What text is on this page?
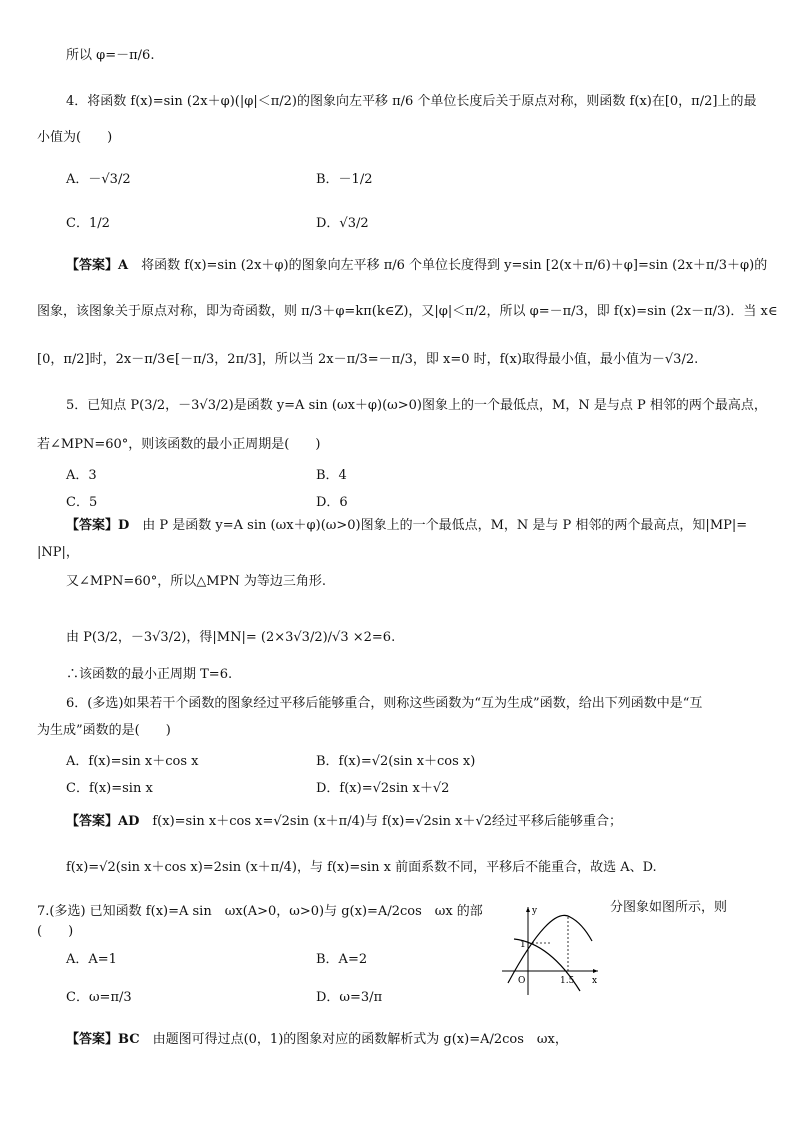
所以 φ=－π/6.
4．将函数 f(x)=sin (2x＋φ)(|φ|＜π/2)的图象向左平移 π/6 个单位长度后关于原点对称，则函数 f(x)在[0，π/2]上的最
小值为(　　)
A．－√3/2	B．－1/2
C．1/2	D．√3/2
【答案】A　将函数 f(x)=sin (2x＋φ)的图象向左平移 π/6 个单位长度得到 y=sin [2(x＋π/6)＋φ]=sin (2x＋π/3＋φ)的
图象，该图象关于原点对称，即为奇函数，则 π/3＋φ=kπ(k∈Z)，又|φ|＜π/2，所以 φ=－π/3，即 f(x)=sin (2x－π/3)．当 x∈
[0，π/2]时，2x－π/3∈[－π/3，2π/3]，所以当 2x－π/3=－π/3，即 x=0 时，f(x)取得最小值，最小值为－√3/2.
5．已知点 P(3/2，－3√3/2)是函数 y=A sin (ωx＋φ)(ω>0)图象上的一个最低点，M，N 是与点 P 相邻的两个最高点，
若∠MPN=60°，则该函数的最小正周期是(　　)
A．3	B．4
C．5	D．6
【答案】D　由 P 是函数 y=A sin (ωx＋φ)(ω>0)图象上的一个最低点，M，N 是与 P 相邻的两个最高点，知|MP|=
|NP|，
又∠MPN=60°，所以△MPN 为等边三角形.
由 P(3/2，－3√3/2)，得|MN|= (2×3√3/2)/√3 ×2=6.
∴该函数的最小正周期 T=6.
6．(多选)如果若干个函数的图象经过平移后能够重合，则称这些函数为“互为生成”函数，给出下列函数中是“互
为生成”函数的是(　　)
A．f(x)=sin x＋cos x	B．f(x)=√2(sin x＋cos x)
C．f(x)=sin x	D．f(x)=√2sin x＋√2
【答案】AD　f(x)=sin x＋cos x=√2sin (x＋π/4)与 f(x)=√2sin x＋√2经过平移后能够重合；
f(x)=√2(sin x＋cos x)=2sin (x＋π/4)，与 f(x)=sin x 前面系数不同，平移后不能重合，故选 A、D.
7.(多选) 已知函数 f(x)=A sin　ωx(A>0，ω>0)与 g(x)=A/2cos　ωx 的部	分图象如图所示，则
(　　)
A．A=1	B．A=2
C．ω=π/3	D．ω=3/π
【答案】BC　由题图可得过点(0，1)的图象对应的函数解析式为 g(x)=A/2cos　ωx，
y
x
O
1
1.5
